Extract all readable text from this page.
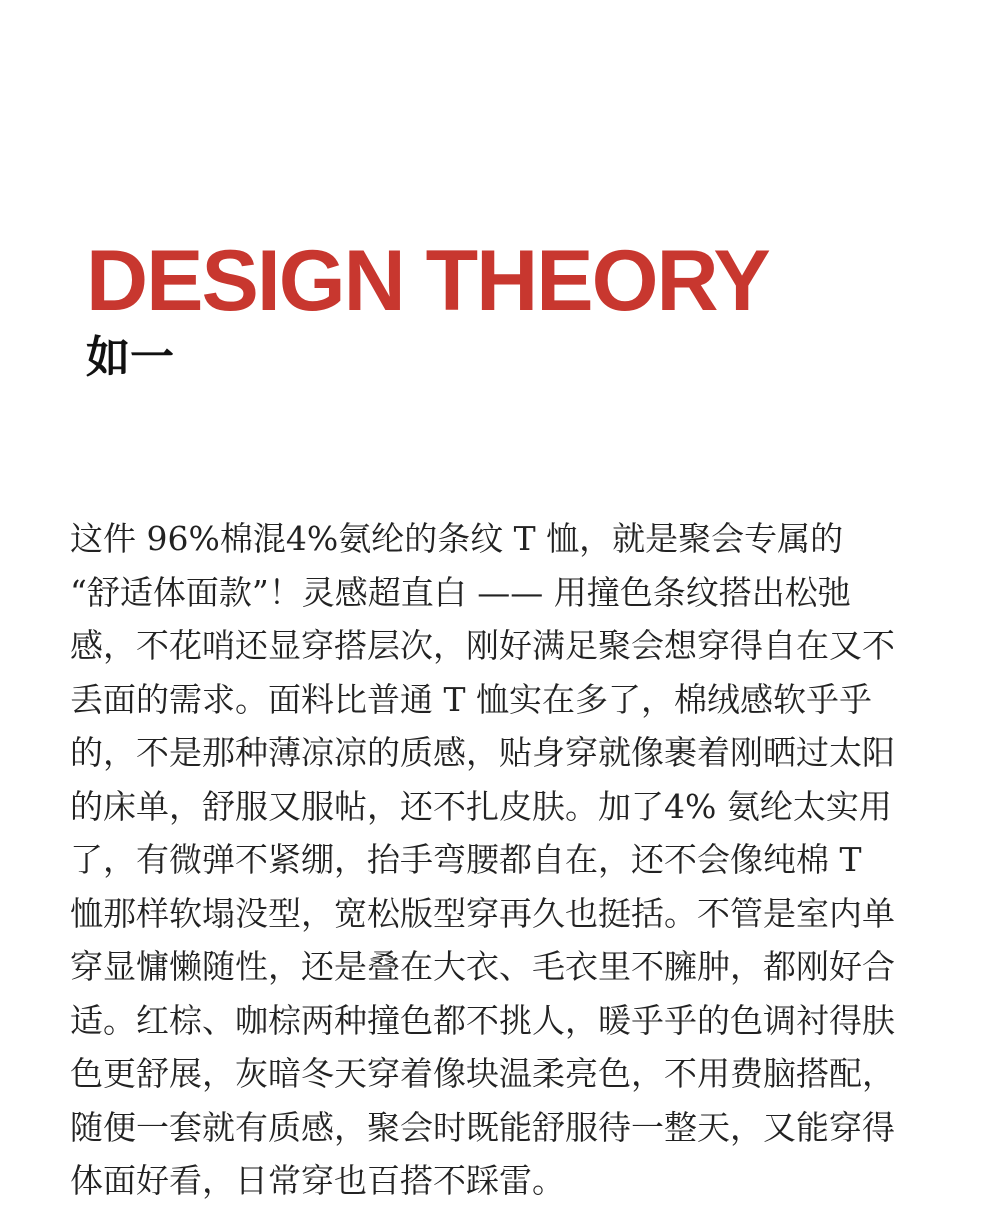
DESIGN THEORY
如一

这件 96%棉混4%氨纶的条纹 T 恤，就是聚会专属的
“舒适体面款”！灵感超直白 —— 用撞色条纹搭出松弛
感，不花哨还显穿搭层次，刚好满足聚会想穿得自在又不
丢面的需求。面料比普通 T 恤实在多了，棉绒感软乎乎
的，不是那种薄凉凉的质感，贴身穿就像裹着刚晒过太阳
的床单，舒服又服帖，还不扎皮肤。加了4% 氨纶太实用
了，有微弹不紧绷，抬手弯腰都自在，还不会像纯棉 T
恤那样软塌没型，宽松版型穿再久也挺括。不管是室内单
穿显慵懒随性，还是叠在大衣、毛衣里不臃肿，都刚好合
适。红棕、咖棕两种撞色都不挑人，暖乎乎的色调衬得肤
色更舒展，灰暗冬天穿着像块温柔亮色，不用费脑搭配，
随便一套就有质感，聚会时既能舒服待一整天，又能穿得
体面好看，日常穿也百搭不踩雷。
